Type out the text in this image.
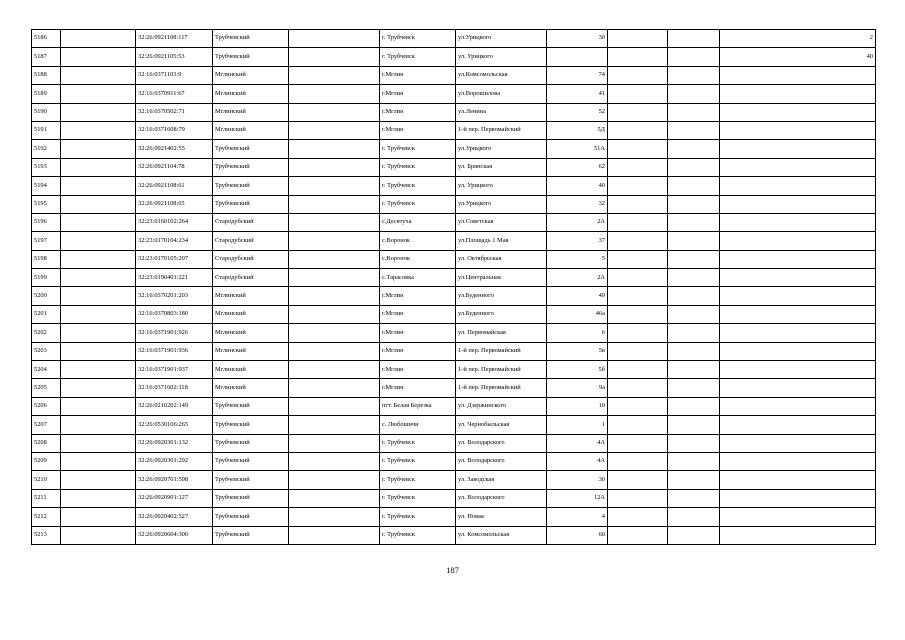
5186		32:26:0921108:117	Трубчевский		г. Трубчевск	ул.Урицкого	30			2
5187		32:26:0921105:53	Трубчевский		г. Трубчевск	ул. Урицкого				40
5188		32:16:0371103:9	Мглинский		г.Мглин	ул.Комсомольская	74			
5189		32:16:0370911:67	Мглинский		г.Мглин	ул.Ворошилова	41			
5190		32:16:0370502:71	Мглинский		г.Мглин	ул.Ленина	52			
5191		32:16:0371608:79	Мглинский		г.Мглин	1-й пер. Первомайский	5Д			
5192		32:26:0921402:55	Трубчевский		г. Трубчевск	ул.Урицкого	51А			
5193		32:26:0921104:78	Трубчевский		г. Трубчевск	ул. Брянская	62			
5194		32:26:0921108:61	Трубчевский		г. Трубчевск	ул. Урицкого	40			
5195		32:26:0921108:65	Трубчевский		г. Трубчевск	ул.Урицкого	32			
5196		32:23:0160102:264	Стародубский		с.Десятуха	ул.Советская	2А			
5197		32:23:0170104:234	Стародубский		с.Воронок	ул.Площадь 1 Мая	37			
5198		32:23:0170105:207	Стародубский		с.Воронок	ул. Октябрьская	5			
5199		32:23:0190401:221	Стародубский		с.Тарасовка	ул.Центральная	2А			
5200		32:16:0370201:203	Мглинский		г.Мглин	ул.Буденного	49			
5201		32:16:0370803:180	Мглинский		г.Мглин	ул.Буденного	46а			
5202		32:16:0371901:926	Мглинский		г.Мглин	ул. Первомайская	6			
5203		32:16:0371901:936	Мглинский		г.Мглин	1-й пер. Первомайский	5в			
5204		32:16:0371901:937	Мглинский		г.Мглин	1-й пер. Первомайский	5б			
5205		32:16:0371602:118	Мглинский		г.Мглин	1-й пер. Первомайский	9а			
5206		32:26:0210202:149	Трубчевский		пгт. Белая Березка	ул. Дзержинского	10			
5207		32:26:0530106:265	Трубчевский		с. Любошичи	ул. Чернобыльская	1			
5208		32:26:0920301:132	Трубчевский		г. Трубчевск	ул. Володарского	4А			
5209		32:26:0920301:292	Трубчевский		г. Трубчевск	ул. Володарского	4А			
5210		32:26:0920701:598	Трубчевский		г. Трубчевск	ул. Заводская	30			
5211		32:26:0920901:127	Трубчевский		г. Трубчевск	ул. Володарского	12А			
5212		32:26:0920402:527	Трубчевский		г. Трубчевск	ул. Новая	4			
5213		32:26:0920604:300	Трубчевский		г. Трубчевск	ул. Комсомольская	60			
187
